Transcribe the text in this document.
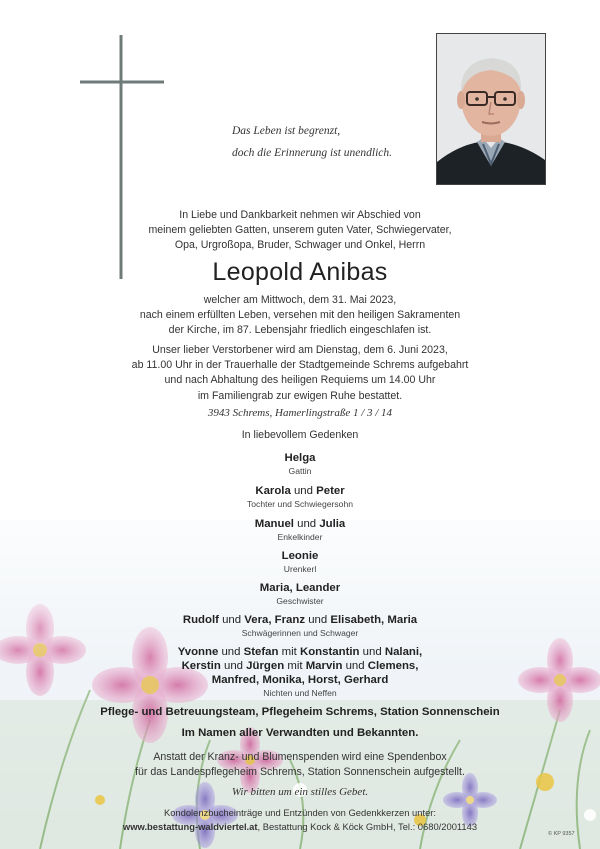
Das Leben ist begrenzt,
doch die Erinnerung ist unendlich.

In Liebe und Dankbarkeit nehmen wir Abschied von

meinem geliebten Gatten, unserem guten Vater, Schwiegervater,

Opa, Urgroßopa, Bruder, Schwager und Onkel, Herrn

Leopold Anibas

welcher am Mittwoch, dem 31. Mai 2023,

nach einem erfüllten Leben, versehen mit den heiligen Sakramenten

der Kirche, im 87. Lebensjahr friedlich eingeschlafen ist.

Unser lieber Verstorbener wird am Dienstag, dem 6. Juni 2023,

ab 11.00 Uhr in der Trauerhalle der Stadtgemeinde Schrems aufgebahrt

und nach Abhaltung des heiligen Requiems um 14.00 Uhr

im Familiengrab zur ewigen Ruhe bestattet.

3943 Schrems, Hamerlingstraße 1 / 3 / 14
In liebevollem Gedenken

Helga

Gattin

Karola und Peter

Tochter und Schwiegersohn

Manuel und Julia

Enkelkinder

Leonie

Urenkerl

Maria, Leander

Geschwister

Rudolf und Vera, Franz und Elisabeth, Maria

Schwägerinnen und Schwager

Yvonne und Stefan mit Konstantin und Nalani,

Kerstin und Jürgen mit Marvin und Clemens,

Manfred, Monika, Horst, Gerhard

Nichten und Neffen

Pflege- und Betreuungsteam, Pflegeheim Schrems, Station Sonnenschein
Im Namen aller Verwandten und Bekannten.

Anstatt der Kranz- und Blumenspenden wird eine Spendenbox

für das Landespflegeheim Schrems, Station Sonnenschein aufgestellt.

Wir bitten um ein stilles Gebet.
Kondolenzbucheinträge und Entzünden von Gedenkkerzen unter:
www.bestattung-waldviertel.at, Bestattung Kock & Köck GmbH, Tel.: 0680/2001143
© KP 9357
